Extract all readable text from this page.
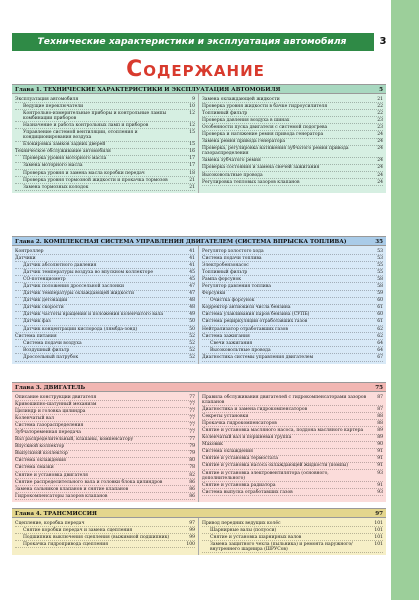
Технические характеристики и эксплуатация автомобиля	3
Содержание
Глава 1. ТЕХНИЧЕСКИЕ ХАРАКТЕРИСТИКИ И ЭКСПЛУАТАЦИЯ АВТОМОБИЛЯ	5
Эксплуатация автомобиля	9
Ведущие переключатели	10
Контрольно-измерительные приборы и контрольные лампы комбинации приборов
12
Назначение и работа контрольных ламп и приборов	12
Управление системой вентиляции, отопления и кондиционирования воздуха
15
Блокировка замков задних дверей	15
Техническое обслуживание автомобиля	16
Проверка уровня моторного масла	17
Замена моторного масла	17
Проверка уровня и замена масла коробки передач	18
Проверка уровня тормозной жидкости и прокачка тормозов	21
Замена тормозных колодок	21
Замена охлаждающей жидкости	21
Проверка уровня жидкости в бачке гидроусилителя	22
Топливный фильтр	22
Проверка давления воздуха в шинах	23
Особенности пуска двигателя с системой подогрева	23
Проверка и натяжение ремня привода генератора	24
Замена ремня привода генератора	24
Проверка, регулировка натяжения зубчатого ремня привода газораспределения
24
Замена зубчатого ремня	24
Проверка состояния и замена свечей зажигания	24
Высоковольтные провода	24
Регулировка тепловых зазоров клапанов	24
Глава 2. КОМПЛЕКСНАЯ СИСТЕМА УПРАВЛЕНИЯ ДВИГАТЕЛЕМ (СИСТЕМА ВПРЫСКА ТОПЛИВА)	35
Контроллер	41
Датчики	41
Датчик абсолютного давления	41
Датчик температуры воздуха во впускном коллекторе	45
СО-потенциометр	45
Датчик положения дроссельной заслонки	47
Датчик температуры охлаждающей жидкости	47
Датчик детонации	48
Датчик скорости	48
Датчик частоты вращения и положения коленчатого вала	49
Датчик фаз	50
Датчик концентрации кислорода (лямбда-зонд)	50
Система питания	52
Система подачи воздуха	52
Воздушный фильтр	52
Дроссельный патрубок	52
Регулятор холостого хода	53
Система подачи топлива	53
Электробензонасос	55
Топливный фильтр	55
Рампа форсунок	58
Регулятор давления топлива	58
Форсунки	59
Очистка форсунок	60
Корректор антиокиси числа бензина	61
Система улавливания паров бензина (СУПБ)	60
Система рециркуляции отработавших газов	61
Нейтрализатор отработавших газов	62
Система зажигания	62
Свечи зажигания	64
Высоковольтные провода	64
Диагностика системы управления двигателем	67
Глава 3. ДВИГАТЕЛЬ	75
Описание конструкции двигателя	77
Кривошипно-шатунный механизм	77
Цилиндр и головка цилиндра	77
Коленчатый вал	77
Система газораспределения	77
Зубчатоременная передача	77
Вал распределительный, клапаны, компенсатору	77
Впускной коллектор	79
Выпускной коллектор	79
Система охлаждения	80
Система смазки	78
Снятие и установка двигателя	82
Снятие распределительного вала и головки блока цилиндров	86
Замена сальников клапанов и снятие клапанов	86
Гидрокомпенсаторы зазоров клапанов	86
Правила обслуживания двигателей с гидрокомпенсаторами зазоров клапанов
87
Диагностика и замена гидрокомпенсаторов	87
Секреты установки	88
Прокачка гидрокомпенсаторов	88
Снятие и установка масляного насоса, поддона масляного картера	89
Коленчатый вал и поршневая группа	89
Маховик	90
Система охлаждения	91
Снятие и установка термостата	91
Снятие и установка насоса охлаждающей жидкости (помпы)	91
Снятие и установка электровентилятора (основного, дополнительного)
93
Снятие и установка радиатора	91
Система выпуска отработавших газов	93
Глава 4. ТРАНСМИССИЯ	97
Сцепление, коробка передач	97
Снятие коробки передач и замена сцепления	99
Подшипник выключения сцепления (выжимной подшипник)	99
Прокачка гидропривода сцепления	100
Привод передних ведущих колёс	101
Шарнирные валы (полуоси)	101
Снятие и установка шарнирных валов	101
Замена защитного чехла (пыльника) и ремонта наружного/внутреннего шарнира (ШРУСов)
101
